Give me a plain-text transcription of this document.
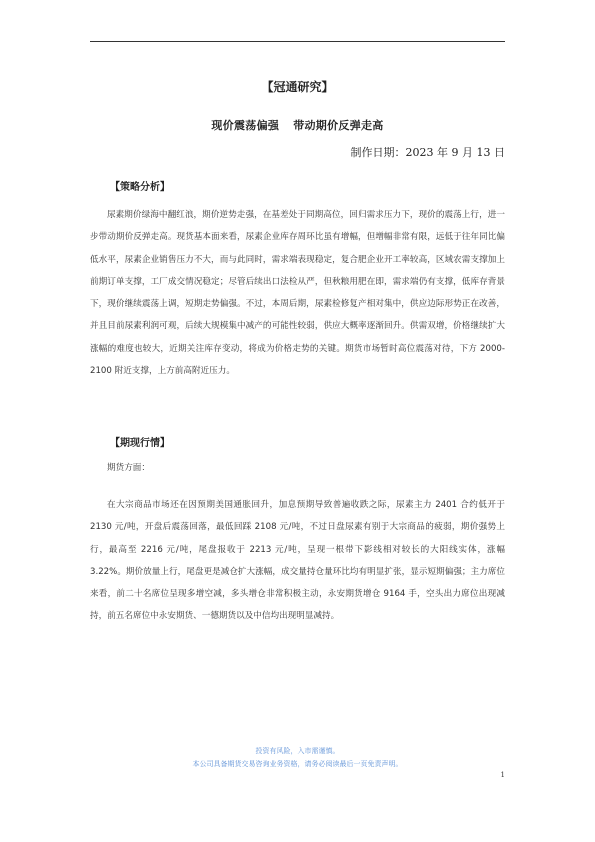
【冠通研究】
现价震荡偏强 带动期价反弹走高
制作日期：2023 年 9 月 13 日
【策略分析】

尿素期价绿海中翻红浪，期价逆势走强，在基差处于同期高位，回归需求压力下，现价的震荡上行，进一步带动期价反弹走高。现货基本面来看，尿素企业库存周环比虽有增幅，但增幅非常有限，远低于往年同比偏低水平，尿素企业销售压力不大，而与此同时，需求端表现稳定，复合肥企业开工率较高，区域农需支撑加上前期订单支撑，工厂成交情况稳定；尽管后续出口法检从严，但秋粮用肥在即，需求端仍有支撑，低库存背景下，现价继续震荡上调，短期走势偏强。不过，本周后期，尿素检修复产相对集中，供应边际形势正在改善，并且目前尿素利润可观，后续大规模集中减产的可能性较弱，供应大概率逐渐回升。供需双增，价格继续扩大涨幅的难度也较大，近期关注库存变动，将成为价格走势的关键。期货市场暂时高位震荡对待，下方 2000-2100 附近支撑，上方前高附近压力。

【期现行情】
期货方面：

在大宗商品市场还在因预期美国通胀回升，加息预期导致普遍收跌之际，尿素主力 2401 合约低开于 2130 元/吨，开盘后震荡回落，最低回踩 2108 元/吨，不过日盘尿素有别于大宗商品的疲弱，期价强势上行，最高至 2216 元/吨，尾盘报收于 2213 元/吨，呈现一根带下影线相对较长的大阳线实体，涨幅 3.22%。期价放量上行，尾盘更是减仓扩大涨幅，成交量持仓量环比均有明显扩张，显示短期偏强；主力席位来看，前二十名席位呈现多增空减，多头增仓非常积极主动，永安期货增仓 9164 手，空头出力席位出现减持，前五名席位中永安期货、一德期货以及中信均出现明显减持。

投资有风险，入市需谨慎。
本公司具备期货交易咨询业务资格，请务必阅读最后一页免责声明。
1
